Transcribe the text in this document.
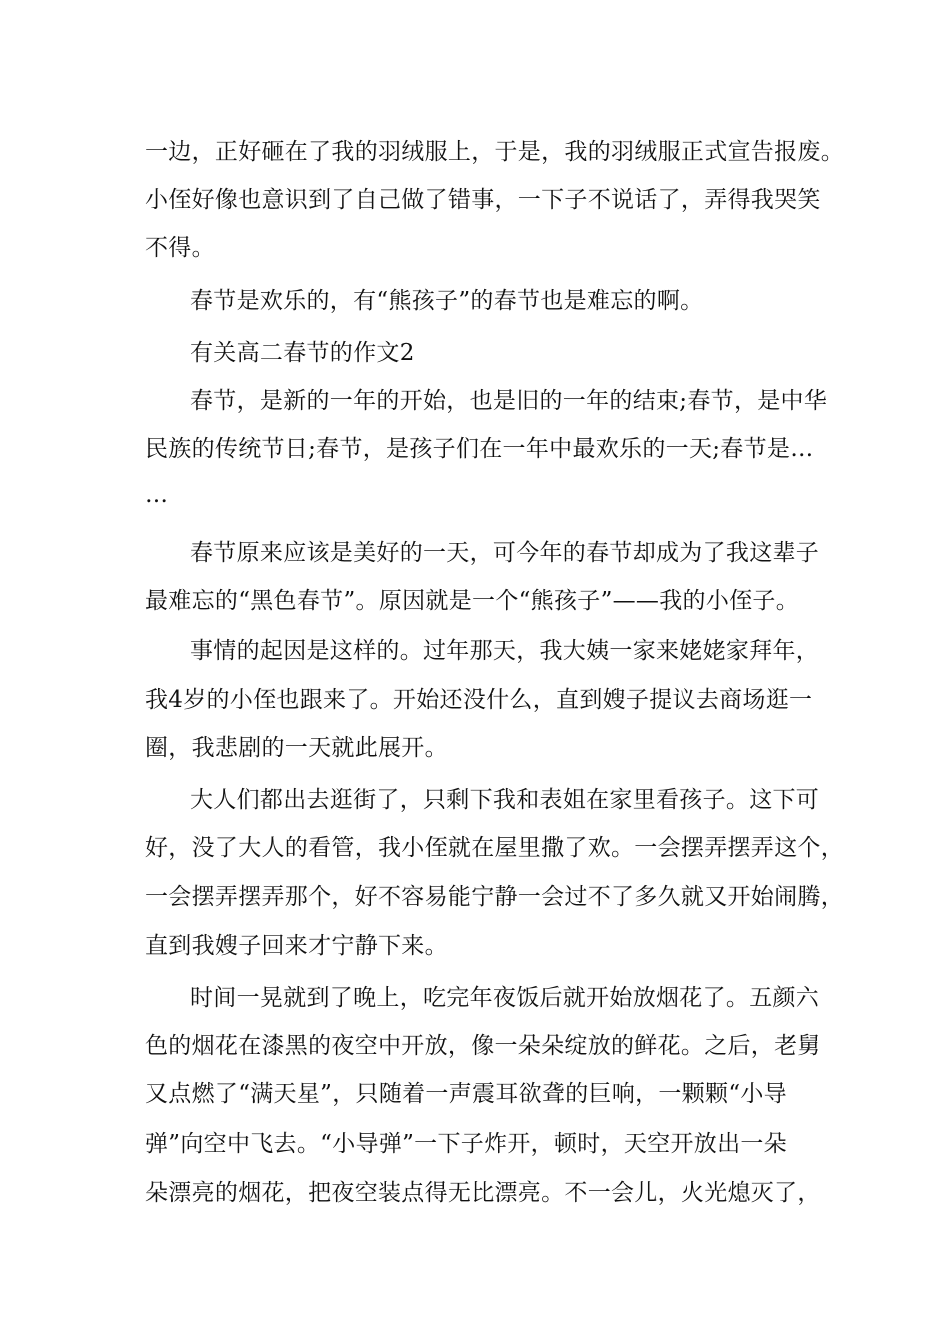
一边，正好砸在了我的羽绒服上，于是，我的羽绒服正式宣告报废。
小侄好像也意识到了自己做了错事，一下子不说话了，弄得我哭笑
不得。
春节是欢乐的，有“熊孩子”的春节也是难忘的啊。
有关高二春节的作文2
春节，是新的一年的开始，也是旧的一年的结束;春节，是中华
民族的传统节日;春节，是孩子们在一年中最欢乐的一天;春节是…
…
春节原来应该是美好的一天，可今年的春节却成为了我这辈子
最难忘的“黑色春节”。原因就是一个“熊孩子”——我的小侄子。
事情的起因是这样的。过年那天，我大姨一家来姥姥家拜年，
我4岁的小侄也跟来了。开始还没什么，直到嫂子提议去商场逛一
圈，我悲剧的一天就此展开。
大人们都出去逛街了，只剩下我和表姐在家里看孩子。这下可
好，没了大人的看管，我小侄就在屋里撒了欢。一会摆弄摆弄这个，
一会摆弄摆弄那个，好不容易能宁静一会过不了多久就又开始闹腾，
直到我嫂子回来才宁静下来。
时间一晃就到了晚上，吃完年夜饭后就开始放烟花了。五颜六
色的烟花在漆黑的夜空中开放，像一朵朵绽放的鲜花。之后，老舅
又点燃了“满天星”，只随着一声震耳欲聋的巨响，一颗颗“小导
弹”向空中飞去。“小导弹”一下子炸开，顿时，天空开放出一朵
朵漂亮的烟花，把夜空装点得无比漂亮。不一会儿，火光熄灭了，
